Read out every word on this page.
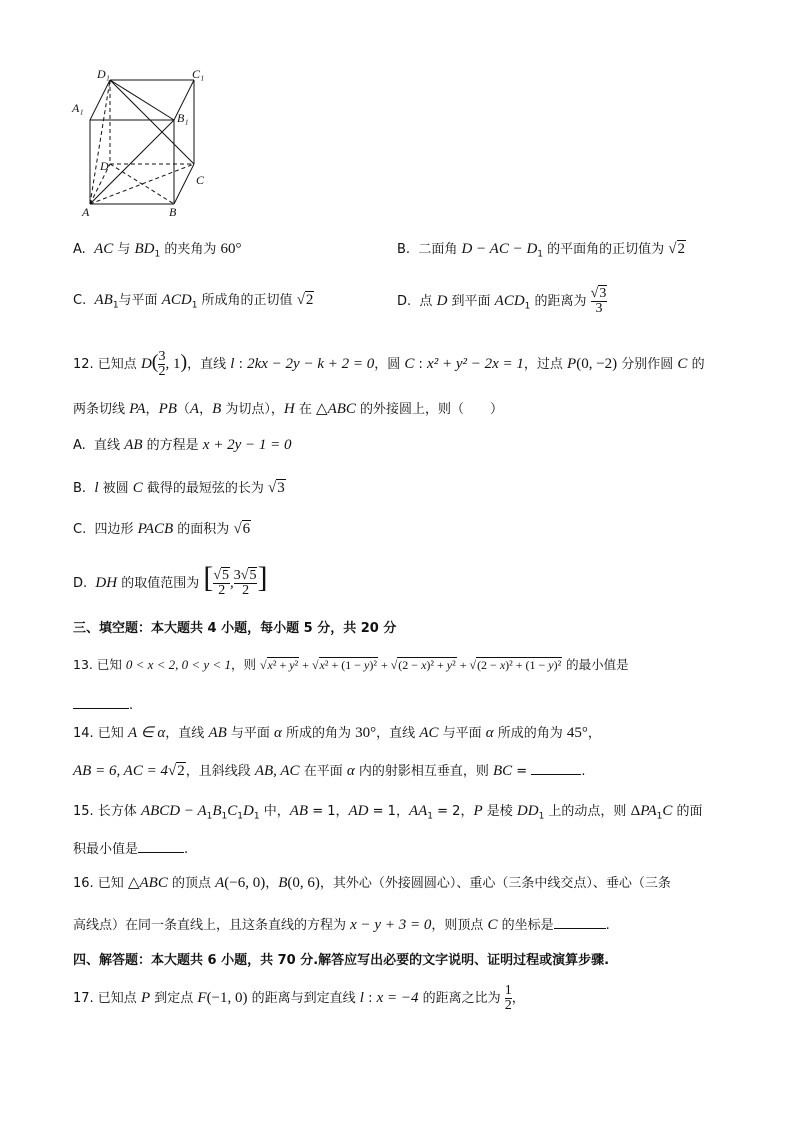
D₁	C₁
A₁
B₁
D
C
A	B
A. AC 与 $BD_1$ 的夹角为 60°	B.  二面角 D − AC − $D_1$ 的平面角的正切值为 √2
C. $AB_1$与平面 $ACD_1$ 所成角的正切值 √2	D.  点 D 到平面 $ACD_1$ 的距离为 $\frac{√3}{3}$
12. 已知点 $D( \frac{3}{2}$ , 1)，直线 l : 2kx − 2y − k + 2 = 0，圆 C : x² + y² − 2x = 1，过点 P(0, −2) 分别作圆 C 的
两条切线 PA，PB（A，B 为切点），H 在 △ABC 的外接圆上，则（　　）
A.  直线 AB 的方程是 x + 2y − 1 = 0
B.  l 被圆 C 截得的最短弦的长为 √3
C.  四边形 PACB 的面积为 √6
D.  DH 的取值范围为 [ $\frac{√5}{2}$ , $\frac{3√5}{2}$ ]
三、填空题：本大题共 4 小题，每小题 5 分，共 20 分
13. 已知 0 < x < 2, 0 < y < 1，则 √x² + y² + √x² + (1 − y)² + √(2 − x)² + y² + √(2 − x)² + (1 − y)² 的最小值是
.
14. 已知 A ∈ α，直线 AB 与平面 α 所成的角为 30°，直线 AC 与平面 α 所成的角为 45°，
AB = 6, AC = 4√2，且斜线段 AB, AC 在平面 α 内的射影相互垂直，则 BC =	.
15. 长方体 ABCD − $A_1B_1C_1D_1$ 中，AB = 1，AD = 1，$AA_1 = 2$，P 是棱 $DD_1$ 上的动点，则 $\Delta PA_1C$ 的面
积最小值是	.
16. 已知 △ABC 的顶点 A(−6, 0)，B(0, 6)，其外心（外接圆圆心）、重心（三条中线交点）、垂心（三条
高线点）在同一条直线上，且这条直线的方程为 x − y + 3 = 0，则顶点 C 的坐标是	.
四、解答题：本大题共 6 小题，共 70 分.解答应写出必要的文字说明、证明过程或演算步骤.
17. 已知点 P 到定点 F(−1, 0) 的距离与到定直线 l : x = −4 的距离之比为 $\frac{1}{2}$ ，
